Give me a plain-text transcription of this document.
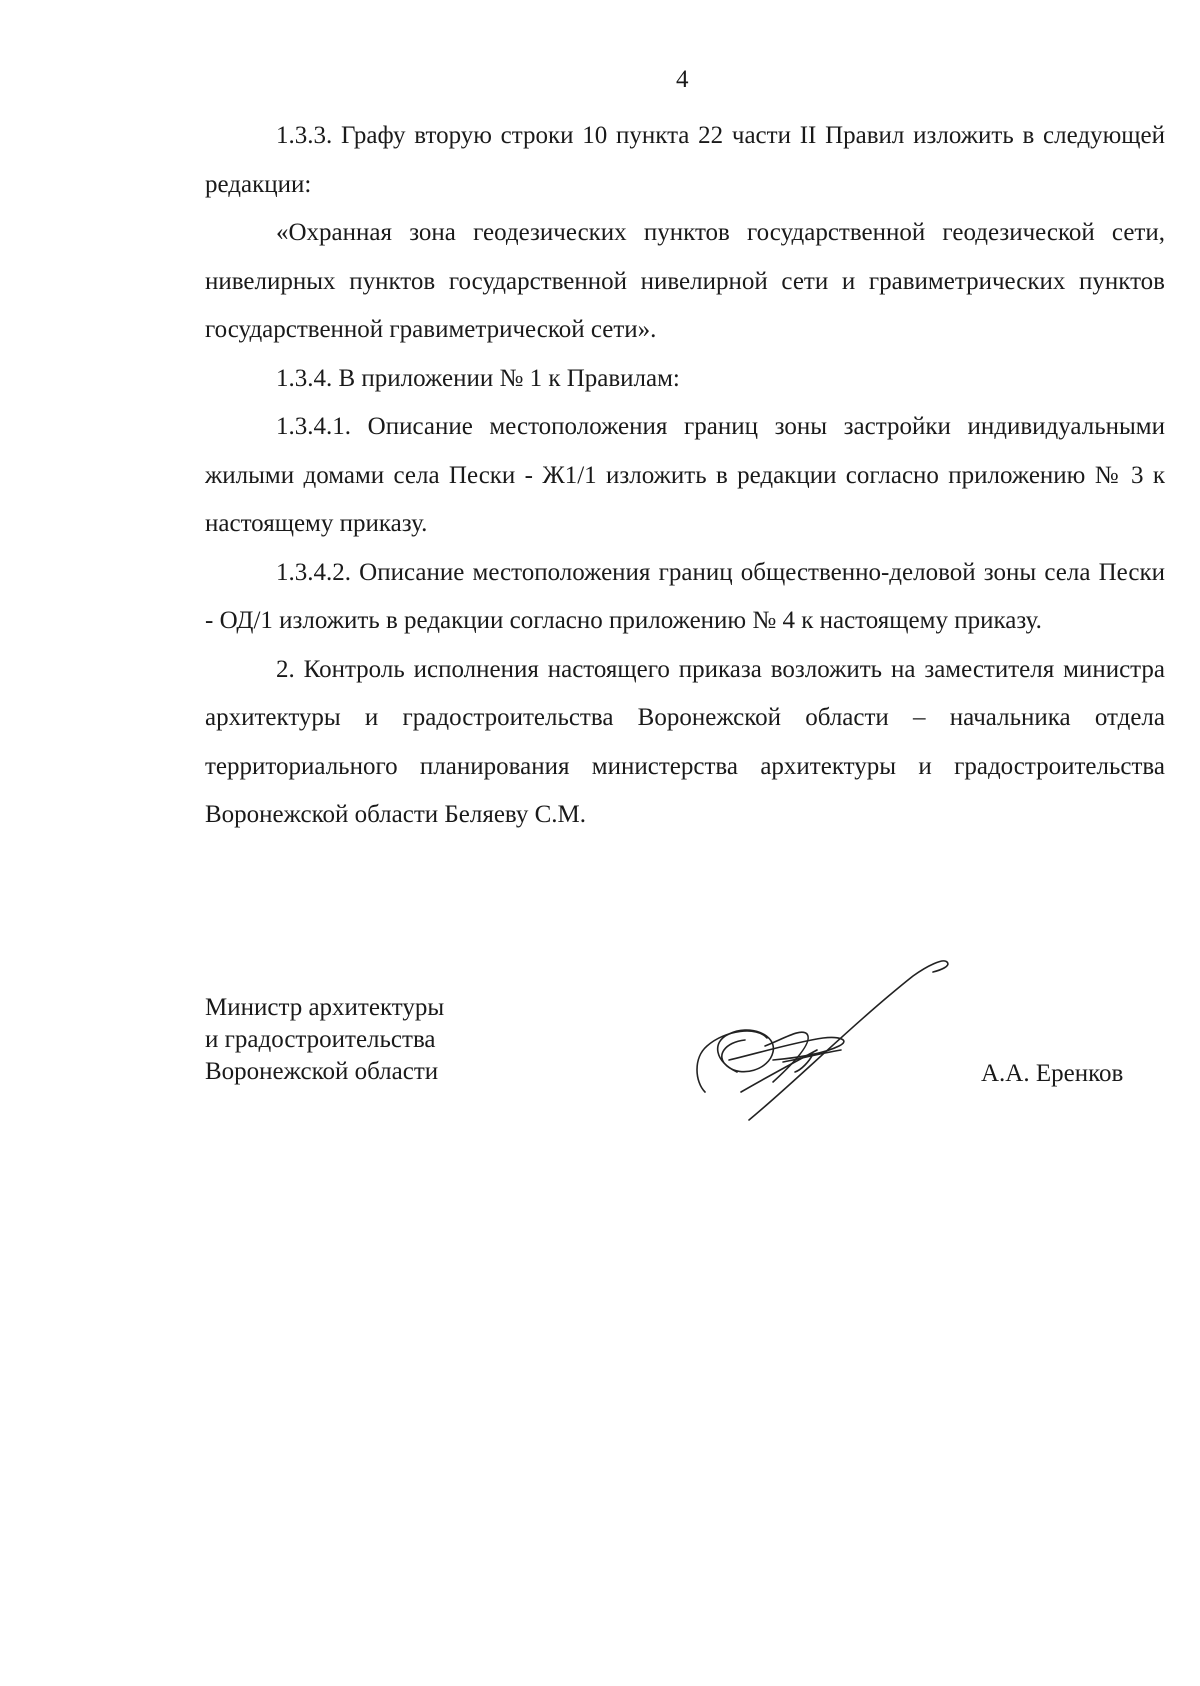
4

1.3.3. Графу вторую строки 10 пункта 22 части II Правил изложить в следующей редакции:

«Охранная зона геодезических пунктов государственной геодезической сети, нивелирных пунктов государственной нивелирной сети и гравиметрических пунктов государственной гравиметрической сети».

1.3.4. В приложении № 1 к Правилам:

1.3.4.1. Описание местоположения границ зоны застройки индивидуальными жилыми домами села Пески - Ж1/1 изложить в редакции согласно приложению № 3 к настоящему приказу.

1.3.4.2. Описание местоположения границ общественно-деловой зоны села Пески - ОД/1 изложить в редакции согласно приложению № 4 к настоящему приказу.

2. Контроль исполнения настоящего приказа возложить на заместителя министра архитектуры и градостроительства Воронежской области – начальника отдела территориального планирования министерства архитектуры и градостроительства Воронежской области Беляеву С.М.

Министр архитектуры
и градостроительства
Воронежской области	А.А. Еренков
